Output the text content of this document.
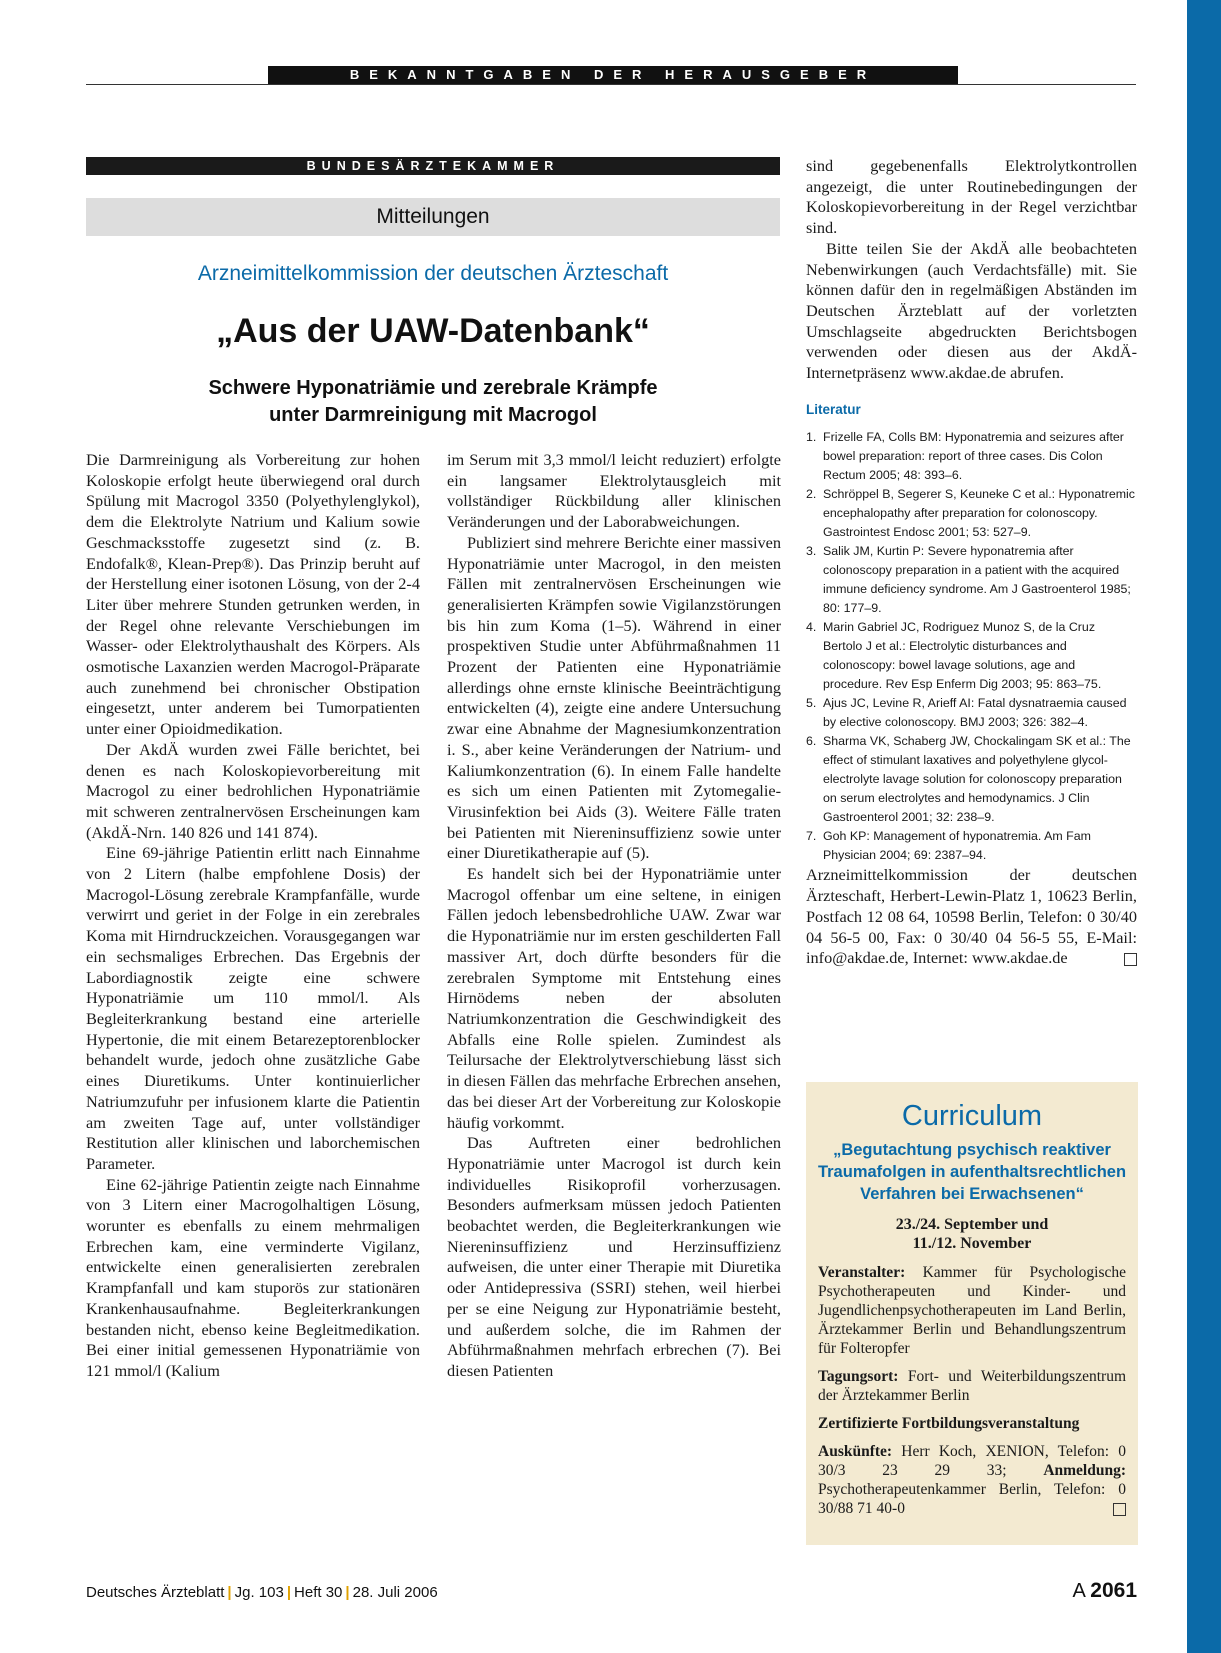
BEKANNTGABEN DER HERAUSGEBER
BUNDESÄRZTEKAMMER
Mitteilungen
Arzneimittelkommission der deutschen Ärzteschaft
„Aus der UAW-Datenbank“
Schwere Hyponatriämie und zerebrale Krämpfe
unter Darmreinigung mit Macrogol

Die Darmreinigung als Vorbereitung zur hohen Koloskopie erfolgt heute überwiegend oral durch Spülung mit Macrogol 3350 (Polyethylenglykol), dem die Elektrolyte Natrium und Kalium sowie Geschmacksstoffe zugesetzt sind (z. B. Endofalk®, Klean-Prep®). Das Prinzip beruht auf der Herstellung einer isotonen Lösung, von der 2-4 Liter über mehrere Stunden getrunken werden, in der Regel ohne relevante Verschiebungen im Wasser- oder Elektrolythaushalt des Körpers. Als osmotische Laxanzien werden Macrogol-Präparate auch zunehmend bei chronischer Obstipation eingesetzt, unter anderem bei Tumorpatienten unter einer Opioidmedikation.

Der AkdÄ wurden zwei Fälle berichtet, bei denen es nach Koloskopievorbereitung mit Macrogol zu einer bedrohlichen Hyponatriämie mit schweren zentralnervösen Erscheinungen kam (AkdÄ-Nrn. 140 826 und 141 874).

Eine 69-jährige Patientin erlitt nach Einnahme von 2 Litern (halbe empfohlene Dosis) der Macrogol-Lösung zerebrale Krampfanfälle, wurde verwirrt und geriet in der Folge in ein zerebrales Koma mit Hirndruckzeichen. Vorausgegangen war ein sechsmaliges Erbrechen. Das Ergebnis der Labordiagnostik zeigte eine schwere Hyponatriämie um 110 mmol/l. Als Begleiterkrankung bestand eine arterielle Hypertonie, die mit einem Betarezeptorenblocker behandelt wurde, jedoch ohne zusätzliche Gabe eines Diuretikums. Unter kontinuierlicher Natriumzufuhr per infusionem klarte die Patientin am zweiten Tage auf, unter vollständiger Restitution aller klinischen und laborchemischen Parameter.

Eine 62-jährige Patientin zeigte nach Einnahme von 3 Litern einer Macrogolhaltigen Lösung, worunter es ebenfalls zu einem mehrmaligen Erbrechen kam, eine verminderte Vigilanz, entwickelte einen generalisierten zerebralen Krampfanfall und kam stuporös zur stationären Krankenhausaufnahme. Begleiterkrankungen bestanden nicht, ebenso keine Begleitmedikation. Bei einer initial gemessenen Hyponatriämie von 121 mmol/l (Kalium

im Serum mit 3,3 mmol/l leicht reduziert) erfolgte ein langsamer Elektrolytausgleich mit vollständiger Rückbildung aller klinischen Veränderungen und der Laborabweichungen.

Publiziert sind mehrere Berichte einer massiven Hyponatriämie unter Macrogol, in den meisten Fällen mit zentralnervösen Erscheinungen wie generalisierten Krämpfen sowie Vigilanzstörungen bis hin zum Koma (1–5). Während in einer prospektiven Studie unter Abführmaßnahmen 11 Prozent der Patienten eine Hyponatriämie allerdings ohne ernste klinische Beeinträchtigung entwickelten (4), zeigte eine andere Untersuchung zwar eine Abnahme der Magnesiumkonzentration i. S., aber keine Veränderungen der Natrium- und Kaliumkonzentration (6). In einem Falle handelte es sich um einen Patienten mit Zytomegalie-Virusinfektion bei Aids (3). Weitere Fälle traten bei Patienten mit Niereninsuffizienz sowie unter einer Diuretikatherapie auf (5).

Es handelt sich bei der Hyponatriämie unter Macrogol offenbar um eine seltene, in einigen Fällen jedoch lebensbedrohliche UAW. Zwar war die Hyponatriämie nur im ersten geschilderten Fall massiver Art, doch dürfte besonders für die zerebralen Symptome mit Entstehung eines Hirnödems neben der absoluten Natriumkonzentration die Geschwindigkeit des Abfalls eine Rolle spielen. Zumindest als Teilursache der Elektrolytverschiebung lässt sich in diesen Fällen das mehrfache Erbrechen ansehen, das bei dieser Art der Vorbereitung zur Koloskopie häufig vorkommt.

Das Auftreten einer bedrohlichen Hyponatriämie unter Macrogol ist durch kein individuelles Risikoprofil vorherzusagen. Besonders aufmerksam müssen jedoch Patienten beobachtet werden, die Begleiterkrankungen wie Niereninsuffizienz und Herzinsuffizienz aufweisen, die unter einer Therapie mit Diuretika oder Antidepressiva (SSRI) stehen, weil hierbei per se eine Neigung zur Hyponatriämie besteht, und außerdem solche, die im Rahmen der Abführmaßnahmen mehrfach erbrechen (7). Bei diesen Patienten

sind gegebenenfalls Elektrolytkontrollen angezeigt, die unter Routinebedingungen der Koloskopievorbereitung in der Regel verzichtbar sind.

Bitte teilen Sie der AkdÄ alle beobachteten Nebenwirkungen (auch Verdachtsfälle) mit. Sie können dafür den in regelmäßigen Abständen im Deutschen Ärzteblatt auf der vorletzten Umschlagseite abgedruckten Berichtsbogen verwenden oder diesen aus der AkdÄ-Internetpräsenz www.akdae.de abrufen.

Literatur
1. Frizelle FA, Colls BM: Hyponatremia and seizures after bowel preparation: report of three cases. Dis Colon Rectum 2005; 48: 393–6.
2. Schröppel B, Segerer S, Keuneke C et al.: Hyponatremic encephalopathy after preparation for colonoscopy. Gastrointest Endosc 2001; 53: 527–9.
3. Salik JM, Kurtin P: Severe hyponatremia after colonoscopy preparation in a patient with the acquired immune deficiency syndrome. Am J Gastroenterol 1985; 80: 177–9.
4. Marin Gabriel JC, Rodriguez Munoz S, de la Cruz Bertolo J et al.: Electrolytic disturbances and colonoscopy: bowel lavage solutions, age and procedure. Rev Esp Enferm Dig 2003; 95: 863–75.
5. Ajus JC, Levine R, Arieff AI: Fatal dysnatraemia caused by elective colonoscopy. BMJ 2003; 326: 382–4.
6. Sharma VK, Schaberg JW, Chockalingam SK et al.: The effect of stimulant laxatives and polyethylene glycol-electrolyte lavage solution for colonoscopy preparation on serum electrolytes and hemodynamics. J Clin Gastroenterol 2001; 32: 238–9.
7. Goh KP: Management of hyponatremia. Am Fam Physician 2004; 69: 2387–94.

Arzneimittelkommission der deutschen Ärzteschaft, Herbert-Lewin-Platz 1, 10623 Berlin, Postfach 12 08 64, 10598 Berlin, Telefon: 0 30/40 04 56-5 00, Fax: 0 30/40 04 56-5 55, E-Mail: info@akdae.de, Internet: www.akdae.de

Curriculum
„Begutachtung psychisch reaktiver Traumafolgen in aufenthaltsrechtlichen Verfahren bei Erwachsenen“
23./24. September und
11./12. November

Veranstalter: Kammer für Psychologische Psychotherapeuten und Kinder- und Jugendlichenpsychotherapeuten im Land Berlin, Ärztekammer Berlin und Behandlungszentrum für Folteropfer

Tagungsort: Fort- und Weiterbildungszentrum der Ärztekammer Berlin

Zertifizierte Fortbildungsveranstaltung

Auskünfte: Herr Koch, XENION, Telefon: 0 30/3 23 29 33; Anmeldung: Psychotherapeutenkammer Berlin, Telefon: 0 30/88 71 40-0

Deutsches Ärzteblatt | Jg. 103 | Heft 30 | 28. Juli 2006	A 2061
